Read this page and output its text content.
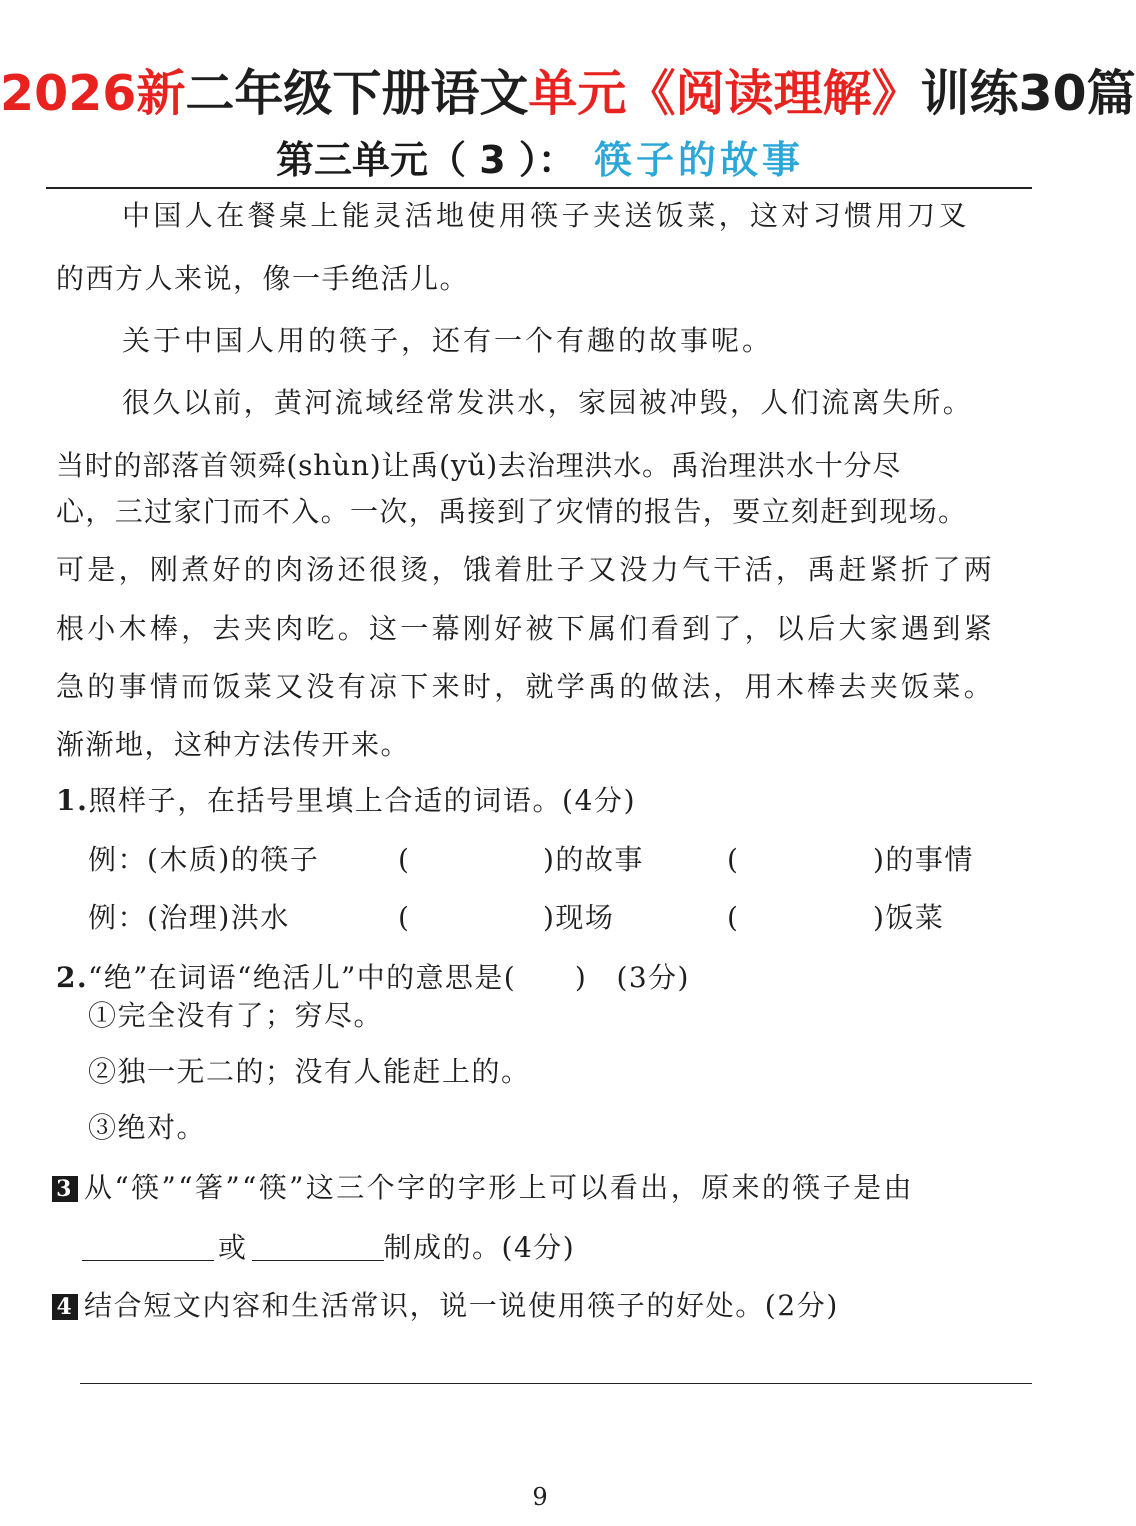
2026新二年级下册语文单元《阅读理解》训练30篇
第三单元（ 3 ）： 筷子的故事
中国人在餐桌上能灵活地使用筷子夹送饭菜，这对习惯用刀叉
的西方人来说，像一手绝活儿。
关于中国人用的筷子，还有一个有趣的故事呢。
很久以前，黄河流域经常发洪水，家园被冲毁，人们流离失所。
当时的部落首领舜(shùn)让禹(yǔ)去治理洪水。禹治理洪水十分尽
心，三过家门而不入。一次，禹接到了灾情的报告，要立刻赶到现场。
可是，刚煮好的肉汤还很烫，饿着肚子又没力气干活，禹赶紧折了两
根小木棒，去夹肉吃。这一幕刚好被下属们看到了，以后大家遇到紧
急的事情而饭菜又没有凉下来时，就学禹的做法，用木棒去夹饭菜。
渐渐地，这种方法传开来。
1.照样子，在括号里填上合适的词语。(4分)
例：(木质)的筷子	(	)的故事	(	)的事情
例：(治理)洪水	(	)现场	(	)饭菜
2.“绝”在词语“绝活儿”中的意思是(　　)　(3分)
①完全没有了；穷尽。
②独一无二的；没有人能赶上的。
③绝对。
3 从“筷”“箸”“筷”这三个字的字形上可以看出，原来的筷子是由
或	制成的。(4分)
4 结合短文内容和生活常识，说一说使用筷子的好处。(2分)
9
